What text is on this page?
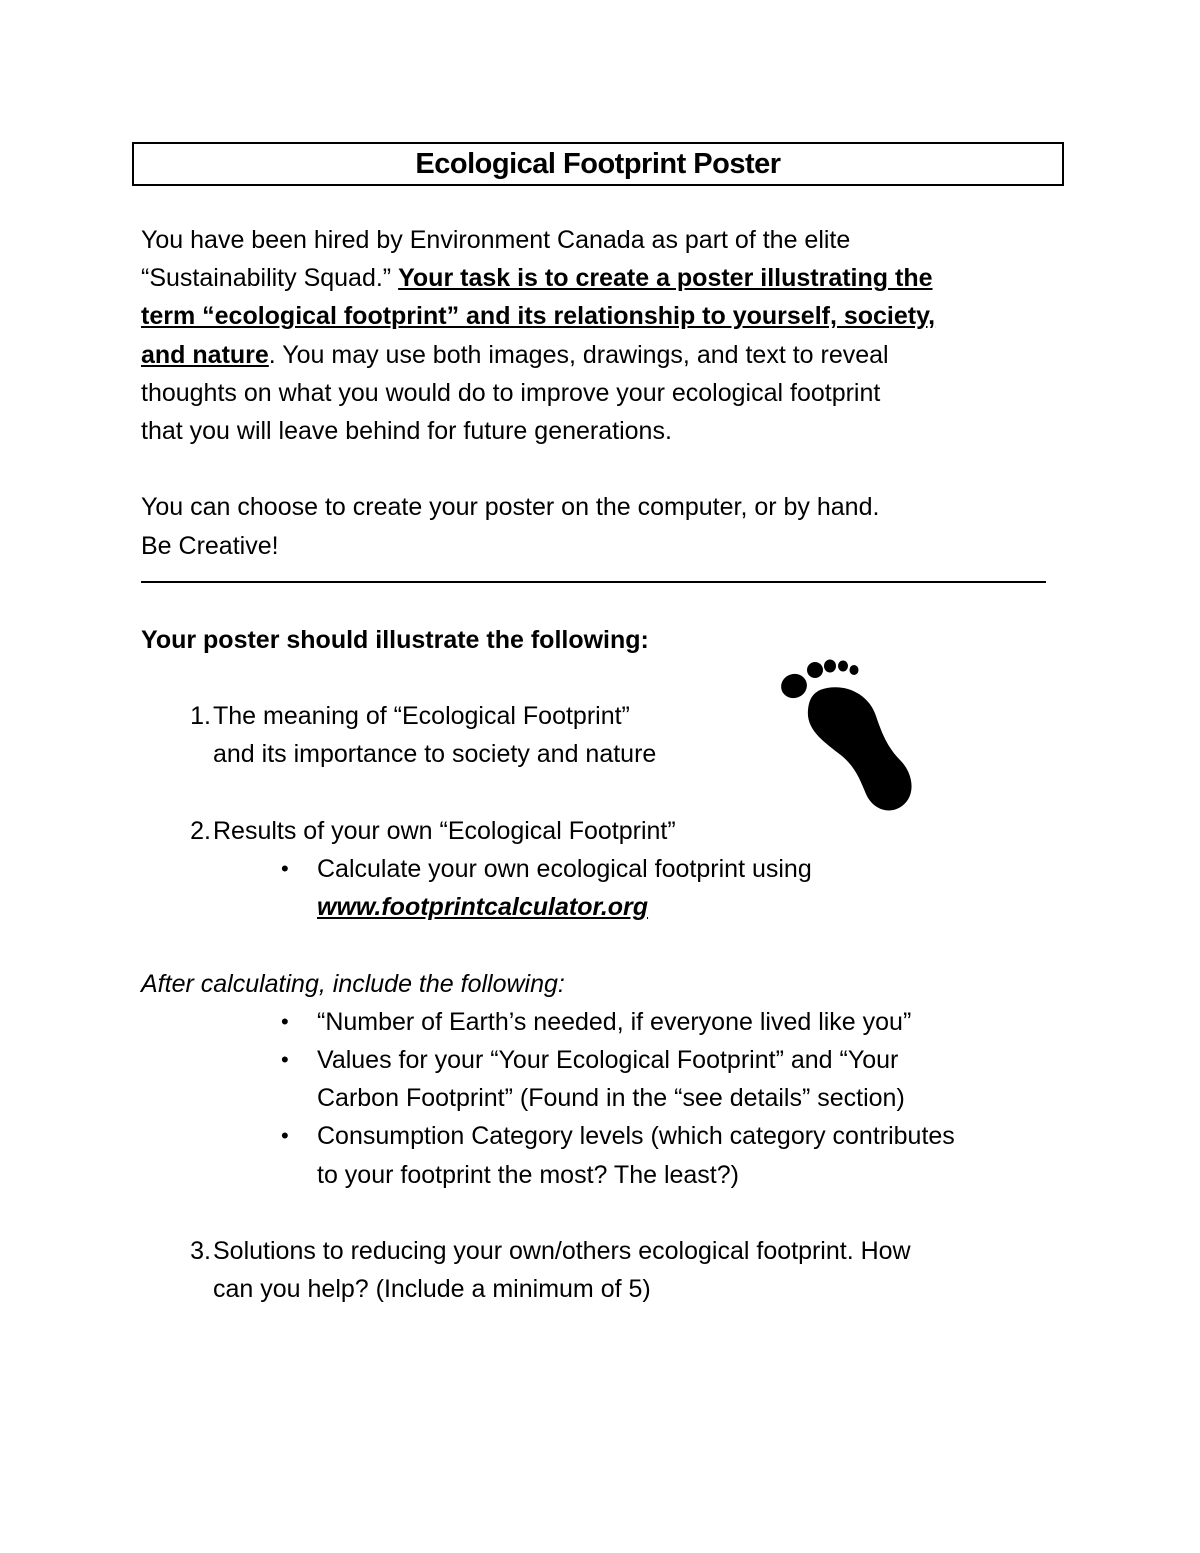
Ecological Footprint Poster

You have been hired by Environment Canada as part of the elite

“Sustainability Squad.” Your task is to create a poster illustrating the

term “ecological footprint” and its relationship to yourself, society,

and nature. You may use both images, drawings, and text to reveal

thoughts on what you would do to improve your ecological footprint

that you will leave behind for future generations.

You can choose to create your poster on the computer, or by hand.

Be Creative!

Your poster should illustrate the following:

1. The meaning of “Ecological Footprint”

and its importance to society and nature

2. Results of your own “Ecological Footprint”

•	Calculate your own ecological footprint using

www.footprintcalculator.org

After calculating, include the following:

•	“Number of Earth’s needed, if everyone lived like you”

•	Values for your “Your Ecological Footprint” and “Your

Carbon Footprint” (Found in the “see details” section)

•	Consumption Category levels (which category contributes

to your footprint the most? The least?)

3. Solutions to reducing your own/others ecological footprint. How

can you help? (Include a minimum of 5)
